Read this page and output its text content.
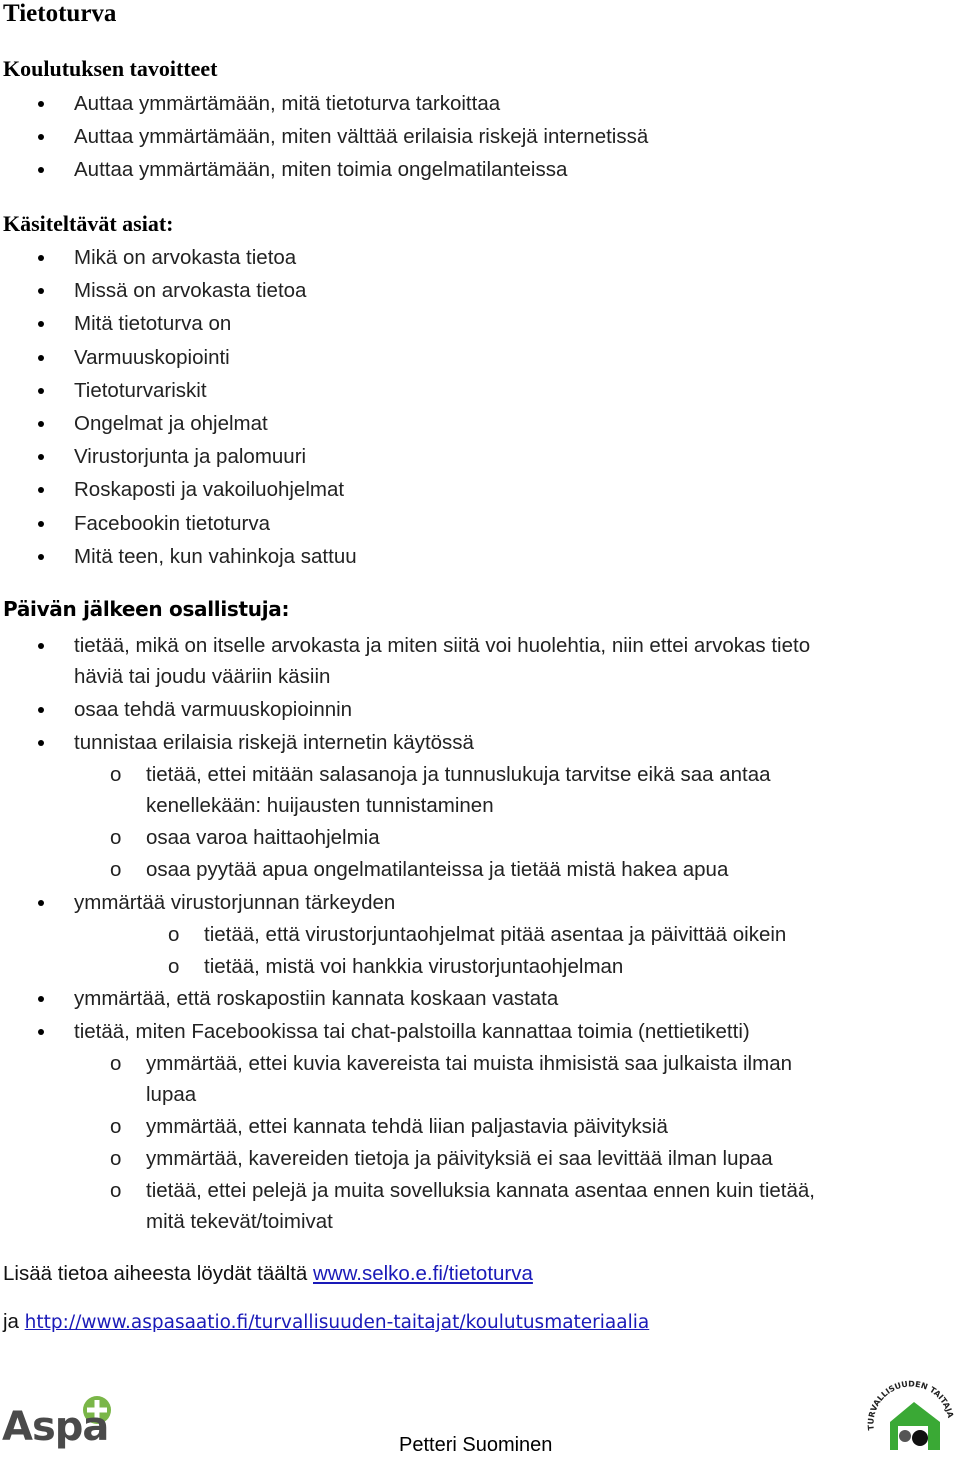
Tietoturva
Koulutuksen tavoitteet
Auttaa ymmärtämään, mitä tietoturva tarkoittaa
Auttaa ymmärtämään, miten välttää erilaisia riskejä internetissä
Auttaa ymmärtämään, miten toimia ongelmatilanteissa
Käsiteltävät asiat:
Mikä on arvokasta tietoa
Missä on arvokasta tietoa
Mitä tietoturva on
Varmuuskopiointi
Tietoturvariskit
Ongelmat ja ohjelmat
Virustorjunta ja palomuuri
Roskaposti ja vakoiluohjelmat
Facebookin tietoturva
Mitä teen, kun vahinkoja sattuu
Päivän jälkeen osallistuja:
tietää, mikä on itselle arvokasta ja miten siitä voi huolehtia, niin ettei arvokas tieto
häviä tai joudu vääriin käsiin
osaa tehdä varmuuskopioinnin
tunnistaa erilaisia riskejä internetin käytössä
o tietää, ettei mitään salasanoja ja tunnuslukuja tarvitse eikä saa antaa
kenellekään: huijausten tunnistaminen
o osaa varoa haittaohjelmia
o osaa pyytää apua ongelmatilanteissa ja tietää mistä hakea apua
ymmärtää virustorjunnan tärkeyden
o tietää, että virustorjuntaohjelmat pitää asentaa ja päivittää oikein
o tietää, mistä voi hankkia virustorjuntaohjelman
ymmärtää, että roskapostiin kannata koskaan vastata
tietää, miten Facebookissa tai chat-palstoilla kannattaa toimia (nettietiketti)
o ymmärtää, ettei kuvia kavereista tai muista ihmisistä saa julkaista ilman
lupaa
o ymmärtää, ettei kannata tehdä liian paljastavia päivityksiä
o ymmärtää, kavereiden tietoja ja päivityksiä ei saa levittää ilman lupaa
o tietää, ettei pelejä ja muita sovelluksia kannata asentaa ennen kuin tietää,
mitä tekevät/toimivat
Lisää tietoa aiheesta löydät täältä www.selko.e.fi/tietoturva
ja http://www.aspasaatio.fi/turvallisuuden-taitajat/koulutusmateriaalia
Aspa	Petteri Suominen
TURVALLISUUDEN TAITAJA
